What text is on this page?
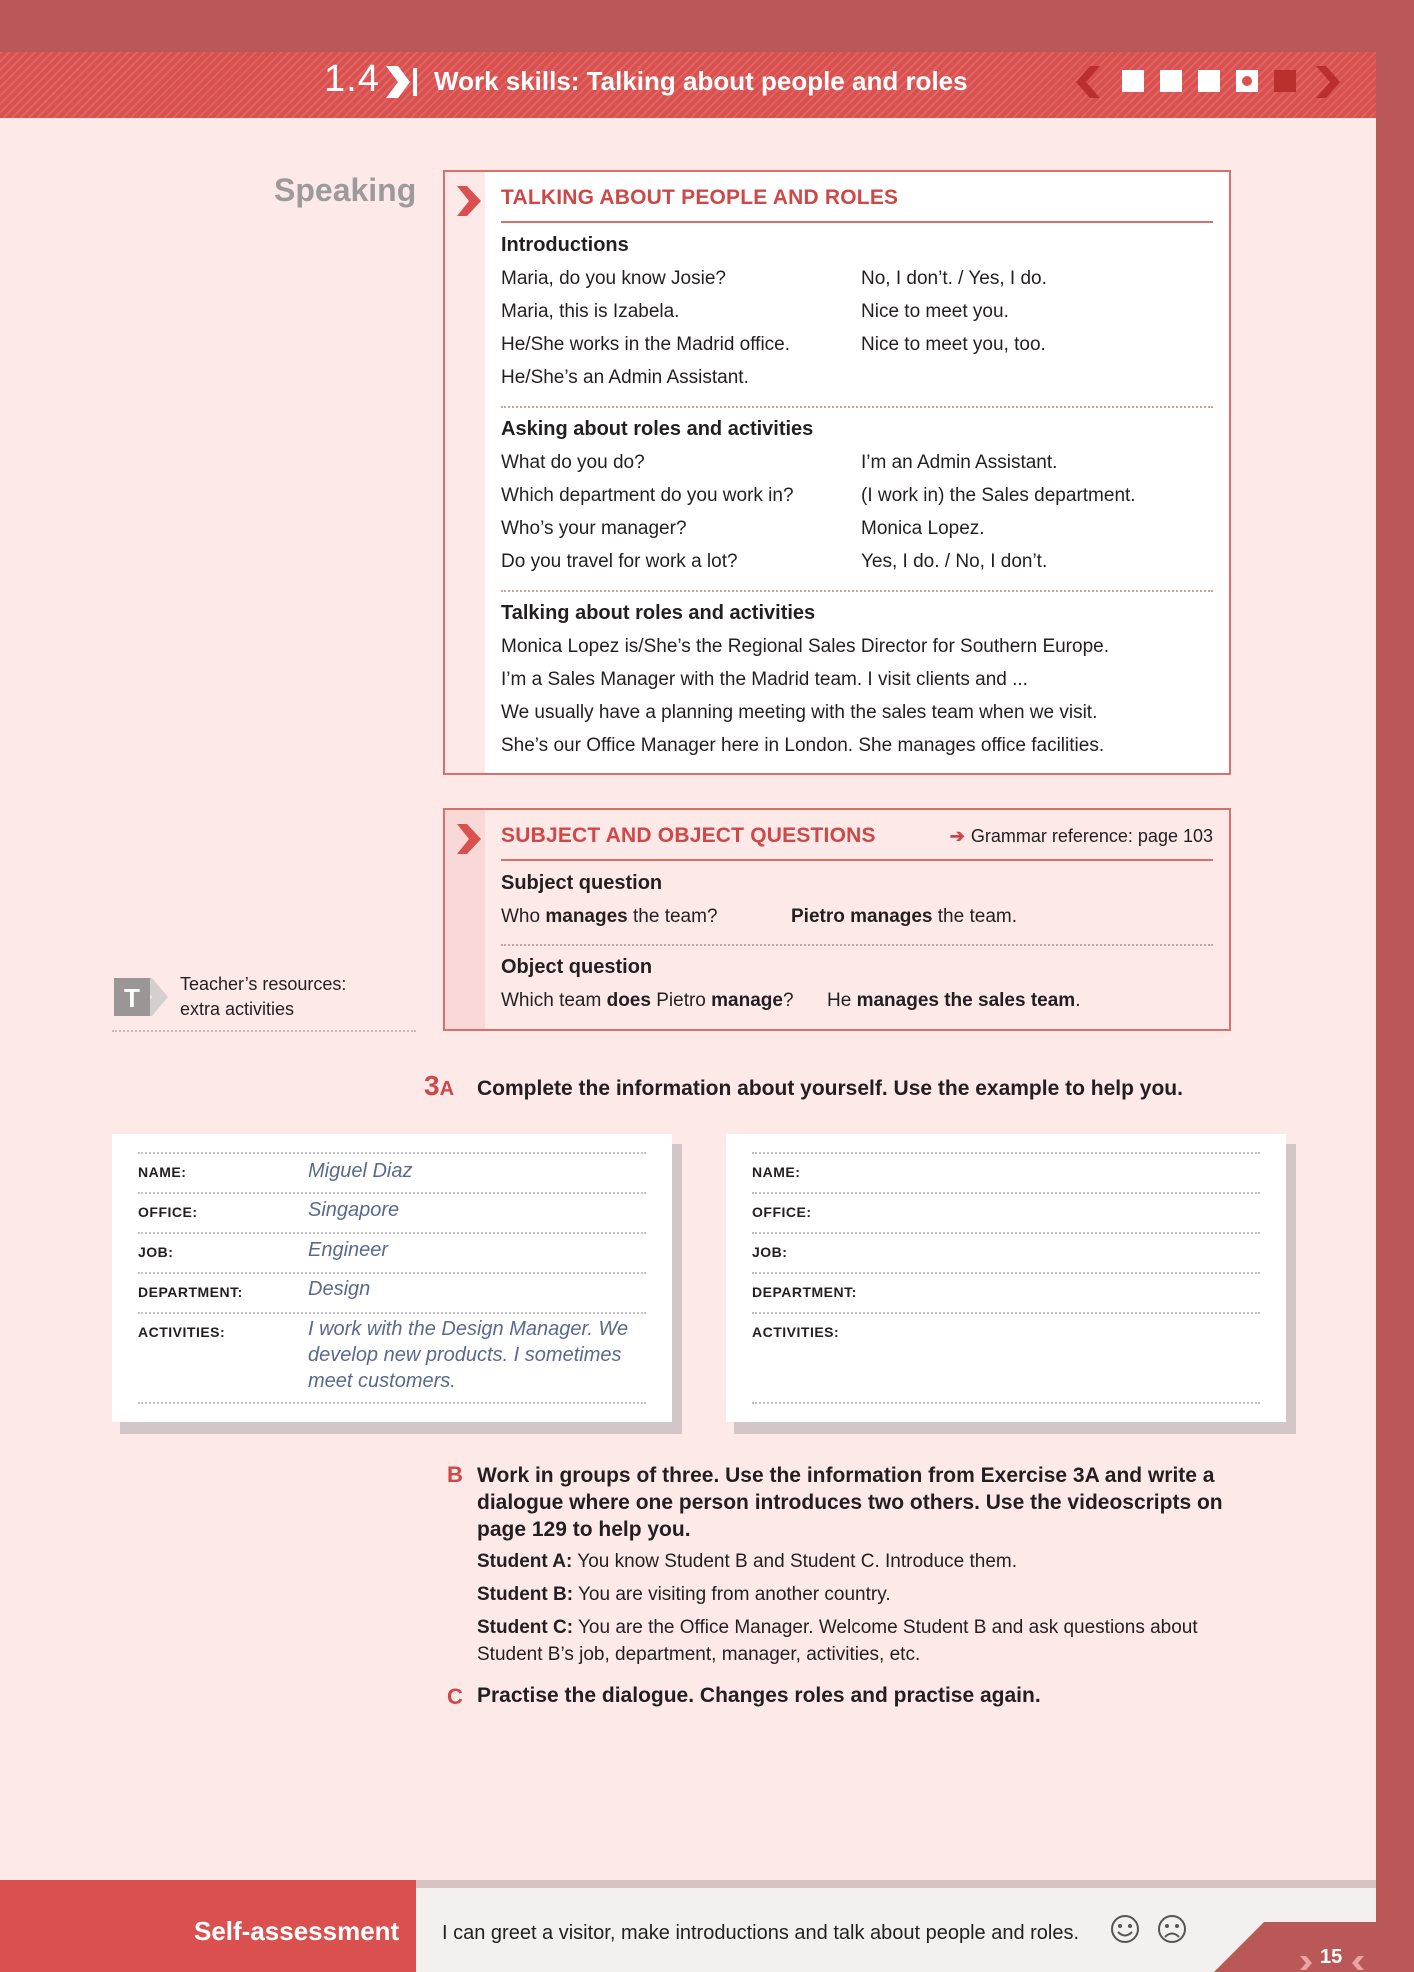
1.4 Work skills: Talking about people and roles
Speaking	TALKING ABOUT PEOPLE AND ROLES
Introductions
Maria, do you know Josie?	No, I don’t. / Yes, I do.
Maria, this is Izabela.	Nice to meet you.
He/She works in the Madrid office.	Nice to meet you, too.
He/She’s an Admin Assistant.
Asking about roles and activities
What do you do?	I’m an Admin Assistant.
Which department do you work in?	(I work in) the Sales department.
Who’s your manager?	Monica Lopez.
Do you travel for work a lot?	Yes, I do. / No, I don’t.
Talking about roles and activities
Monica Lopez is/She’s the Regional Sales Director for Southern Europe.
I’m a Sales Manager with the Madrid team. I visit clients and ...
We usually have a planning meeting with the sales team when we visit.
She’s our Office Manager here in London. She manages office facilities.
SUBJECT AND OBJECT QUESTIONS	➔ Grammar reference: page 103
Subject question
Who manages the team?	Pietro manages the team.
Object question
Which team does Pietro manage? He manages the sales team.
T Teacher’s resources:
extra activities
3A Complete the information about yourself. Use the example to help you.
NAME:	Miguel Diaz
OFFICE:	Singapore
JOB:	Engineer
DEPARTMENT:	Design
ACTIVITIES:	I work with the Design Manager. We develop new products. I sometimes meet customers.
NAME:
OFFICE:
JOB:
DEPARTMENT:
ACTIVITIES:
B Work in groups of three. Use the information from Exercise 3A and write a dialogue where one person introduces two others. Use the videoscripts on page 129 to help you.
Student A: You know Student B and Student C. Introduce them.
Student B: You are visiting from another country.
Student C: You are the Office Manager. Welcome Student B and ask questions about Student B’s job, department, manager, activities, etc.
C Practise the dialogue. Changes roles and practise again.
Self-assessment I can greet a visitor, make introductions and talk about people and roles.
15
